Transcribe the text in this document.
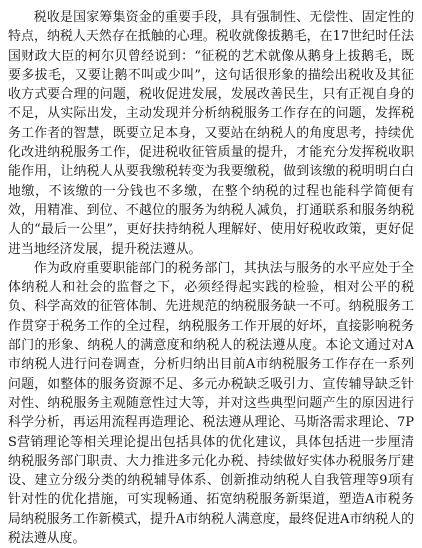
税收是国家筹集资金的重要手段，具有强制性、无偿性、固定性的特点，纳税人天然存在抵触的心理。税收就像拔鹅毛，在17世纪时任法国财政大臣的柯尔贝曾经说到：“征税的艺术就像从鹅身上拔鹅毛，既要多拔毛，又要让鹅不叫或少叫”，这句话很形象的描绘出税收及其征收方式要合理的问题，税收促进发展，发展改善民生，只有正视自身的不足，从实际出发，主动发现并分析纳税服务工作存在的问题，发挥税务工作者的智慧，既要立足本身，又要站在纳税人的角度思考，持续优化改进纳税服务工作，促进税收征管质量的提升，才能充分发挥税收职能作用，让纳税人从要我缴税转变为我要缴税，做到该缴的税明明白白地缴，不该缴的一分钱也不多缴，在整个纳税的过程也能科学简便有效，用精准、到位、不越位的服务为纳税人减负，打通联系和服务纳税人的“最后一公里”，更好扶持纳税人理解好、使用好税收政策，更好促进当地经济发展，提升税法遵从。

作为政府重要职能部门的税务部门，其执法与服务的水平应处于全体纳税人和社会的监督之下，必须经得起实践的检验，相对公平的税负、科学高效的征管体制、先进规范的纳税服务缺一不可。纳税服务工作贯穿于税务工作的全过程，纳税服务工作开展的好坏，直接影响税务部门的形象、纳税人的满意度和纳税人的税法遵从度。本论文通过对A市纳税人进行问卷调查，分析归纳出目前A市纳税服务工作存在一系列问题，如整体的服务资源不足、多元办税缺乏吸引力、宣传辅导缺乏针对性、纳税服务主观随意性过大等，并对这些典型问题产生的原因进行科学分析，再运用流程再造理论、税法遵从理论、马斯洛需求理论、7PS营销理论等相关理论提出包括具体的优化建议，具体包括进一步厘清纳税服务部门职责、大力推进多元化办税、持续做好实体办税服务厅建设、建立分级分类的纳税辅导体系、创新推动纳税人自我管理等9项有针对性的优化措施，可实现畅通、拓宽纳税服务新渠道，塑造A市税务局纳税服务工作新模式，提升A市纳税人满意度，最终促进A市纳税人的税法遵从度。
